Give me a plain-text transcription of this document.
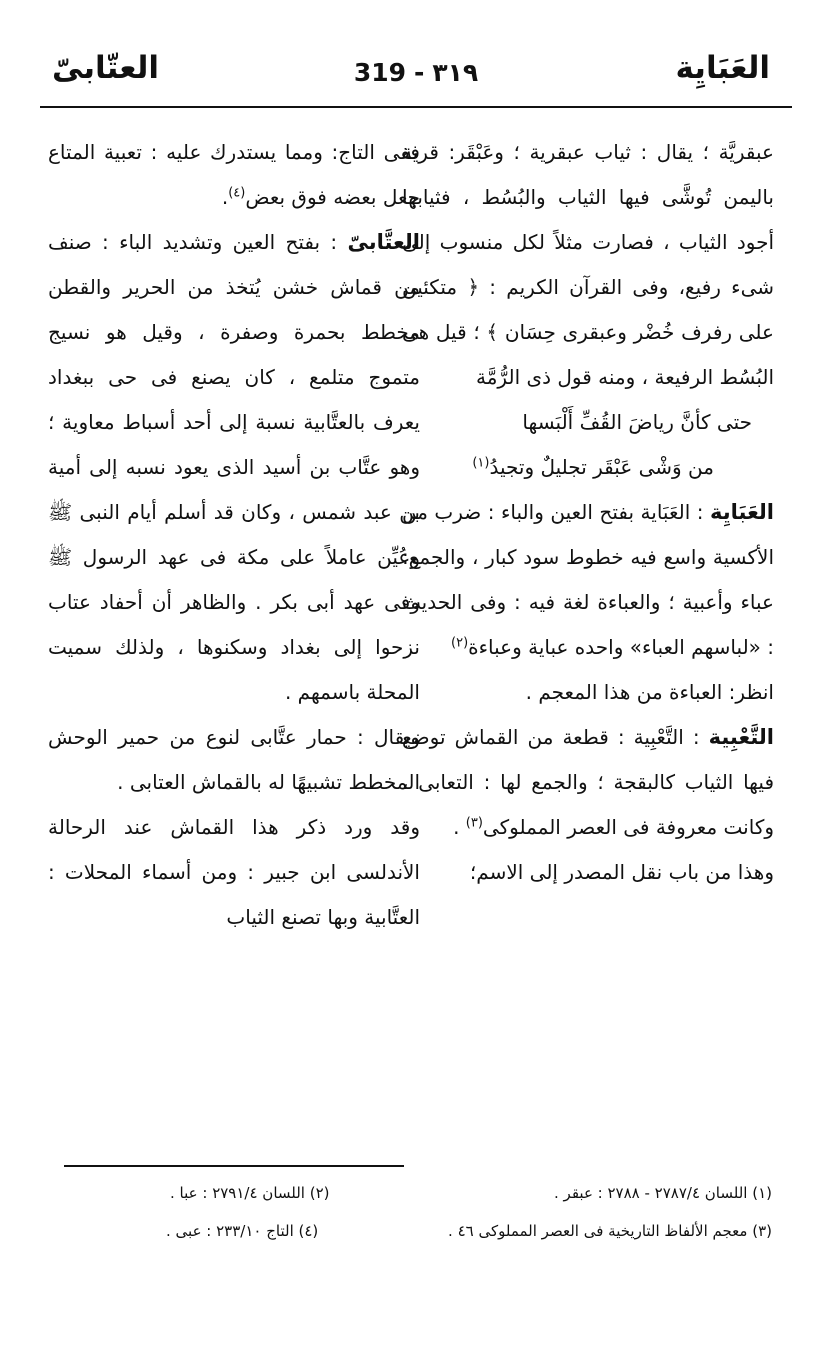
العَبَايِة
319 - ٣١٩
العتّابىّ

عبقريَّة ؛ يقال : ثياب عبقرية ؛ وعَبْقَر: قرية باليمن تُوشَّى فيها الثياب والبُسُط ، فثيابها أجود الثياب ، فصارت مثلاً لكل منسوب إلى شىء رفيع، وفى القرآن الكريم : ﴿ متكئين على رفرف خُضْر وعبقرى حِسَان ﴾ ؛ قيل هى البُسُط الرفيعة ، ومنه قول ذى الرُّمَّة

حتى كأنَّ رياضَ القُفِّ أَلْبَسها
من وَشْى عَبْقَر تجليلٌ وتجيدُ$^{(١)}$

العَبَايِة : العَبَاية بفتح العين والباء : ضرب من الأكسية واسع فيه خطوط سود كبار ، والجمع: عباء وأعبية ؛ والعباءة لغة فيه : وفى الحديث : «لباسهم العباء» واحده عباية وعباءة$^{(٢)}$

انظر: العباءة من هذا المعجم .

التَّعْبِية : التَّعْبِية : قطعة من القماش توضع فيها الثياب كالبقجة ؛ والجمع لها : التعابى ، وكانت معروفة فى العصر المملوكى$^{(٣)}$ .

وهذا من باب نقل المصدر إلى الاسم؛

ففى التاج: ومما يستدرك عليه : تعبية المتاع جعل بعضه فوق بعض$^{(٤)}$.

العتَّابىّ : بفتح العين وتشديد الباء : صنف من قماش خشن يُتخذ من الحرير والقطن مخطط بحمرة وصفرة ، وقيل هو نسيج متموج متلمع ، كان يصنع فى حى ببغداد يعرف بالعتَّابية نسبة إلى أحد أسباط معاوية ؛ وهو عتَّاب بن أسيد الذى يعود نسبه إلى أمية بن عبد شمس ، وكان قد أسلم أيام النبى ﷺ وعُيِّن عاملاً على مكة فى عهد الرسول ﷺ وفى عهد أبى بكر . والظاهر أن أحفاد عتاب نزحوا إلى بغداد وسكنوها ، ولذلك سميت المحلة باسمهم .

ويقال : حمار عتَّابى لنوع من حمير الوحش المخطط تشبيهًا له بالقماش العتابى .

وقد ورد ذكر هذا القماش عند الرحالة الأندلسى ابن جبير : ومن أسماء المحلات : العتَّابية وبها تصنع الثياب

(١) اللسان ٢٧٨٧/٤ - ٢٧٨٨ : عبقر .
(٢) اللسان ٢٧٩١/٤ : عبا .
(٣) معجم الألفاظ التاريخية فى العصر المملوكى ٤٦ .
(٤) التاج ٢٣٣/١٠ : عبى .
